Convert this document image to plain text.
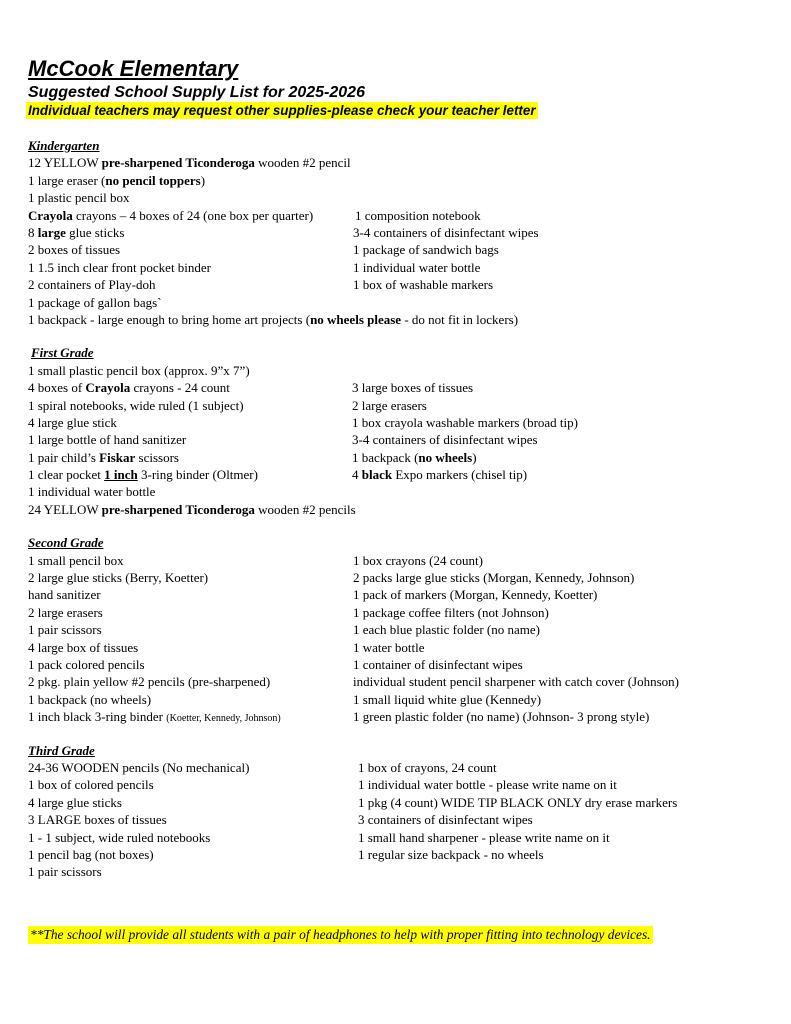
McCook Elementary
Suggested School Supply List for 2025-2026
Individual teachers may request other supplies-please check your teacher letter
Kindergarten
12 YELLOW pre-sharpened Ticonderoga wooden #2 pencil
1 large eraser (no pencil toppers)
1 plastic pencil box
Crayola crayons – 4 boxes of 24 (one box per quarter)	1 composition notebook
8 large glue sticks	3-4 containers of disinfectant wipes
2 boxes of tissues	1 package of sandwich bags
1 1.5 inch clear front pocket binder	1 individual water bottle
2 containers of Play-doh	1 box of washable markers
1 package of gallon bags`
1 backpack - large enough to bring home art projects (no wheels please - do not fit in lockers)
First Grade
1 small plastic pencil box (approx. 9”x 7”)
4 boxes of Crayola crayons - 24 count	3 large boxes of tissues
1 spiral notebooks, wide ruled (1 subject)	2 large erasers
4 large glue stick	1 box crayola washable markers (broad tip)
1 large bottle of hand sanitizer	3-4 containers of disinfectant wipes
1 pair child’s Fiskar scissors	1 backpack (no wheels)
1 clear pocket 1 inch 3-ring binder (Oltmer)	4 black Expo markers (chisel tip)
1 individual water bottle
24 YELLOW pre-sharpened Ticonderoga wooden #2 pencils
Second Grade
1 small pencil box	1 box crayons (24 count)
2 large glue sticks (Berry, Koetter)	2 packs large glue sticks (Morgan, Kennedy, Johnson)
hand sanitizer	1 pack of markers (Morgan, Kennedy, Koetter)
2 large erasers	1 package coffee filters (not Johnson)
1 pair scissors	1 each blue plastic folder (no name)
4 large box of tissues	1 water bottle
1 pack colored pencils	1 container of disinfectant wipes
2 pkg. plain yellow #2 pencils (pre-sharpened)	individual student pencil sharpener with catch cover (Johnson)
1 backpack (no wheels)	1 small liquid white glue (Kennedy)
1 inch black 3-ring binder (Koetter, Kennedy, Johnson)	1 green plastic folder (no name) (Johnson- 3 prong style)
Third Grade
24-36 WOODEN pencils (No mechanical)	1 box of crayons, 24 count
1 box of colored pencils	1 individual water bottle - please write name on it
4 large glue sticks	1 pkg (4 count) WIDE TIP BLACK ONLY dry erase markers
3 LARGE boxes of tissues	3 containers of disinfectant wipes
1 - 1 subject, wide ruled notebooks	1 small hand sharpener - please write name on it
1 pencil bag (not boxes)	1 regular size backpack - no wheels
1 pair scissors
**The school will provide all students with a pair of headphones to help with proper fitting into technology devices.
